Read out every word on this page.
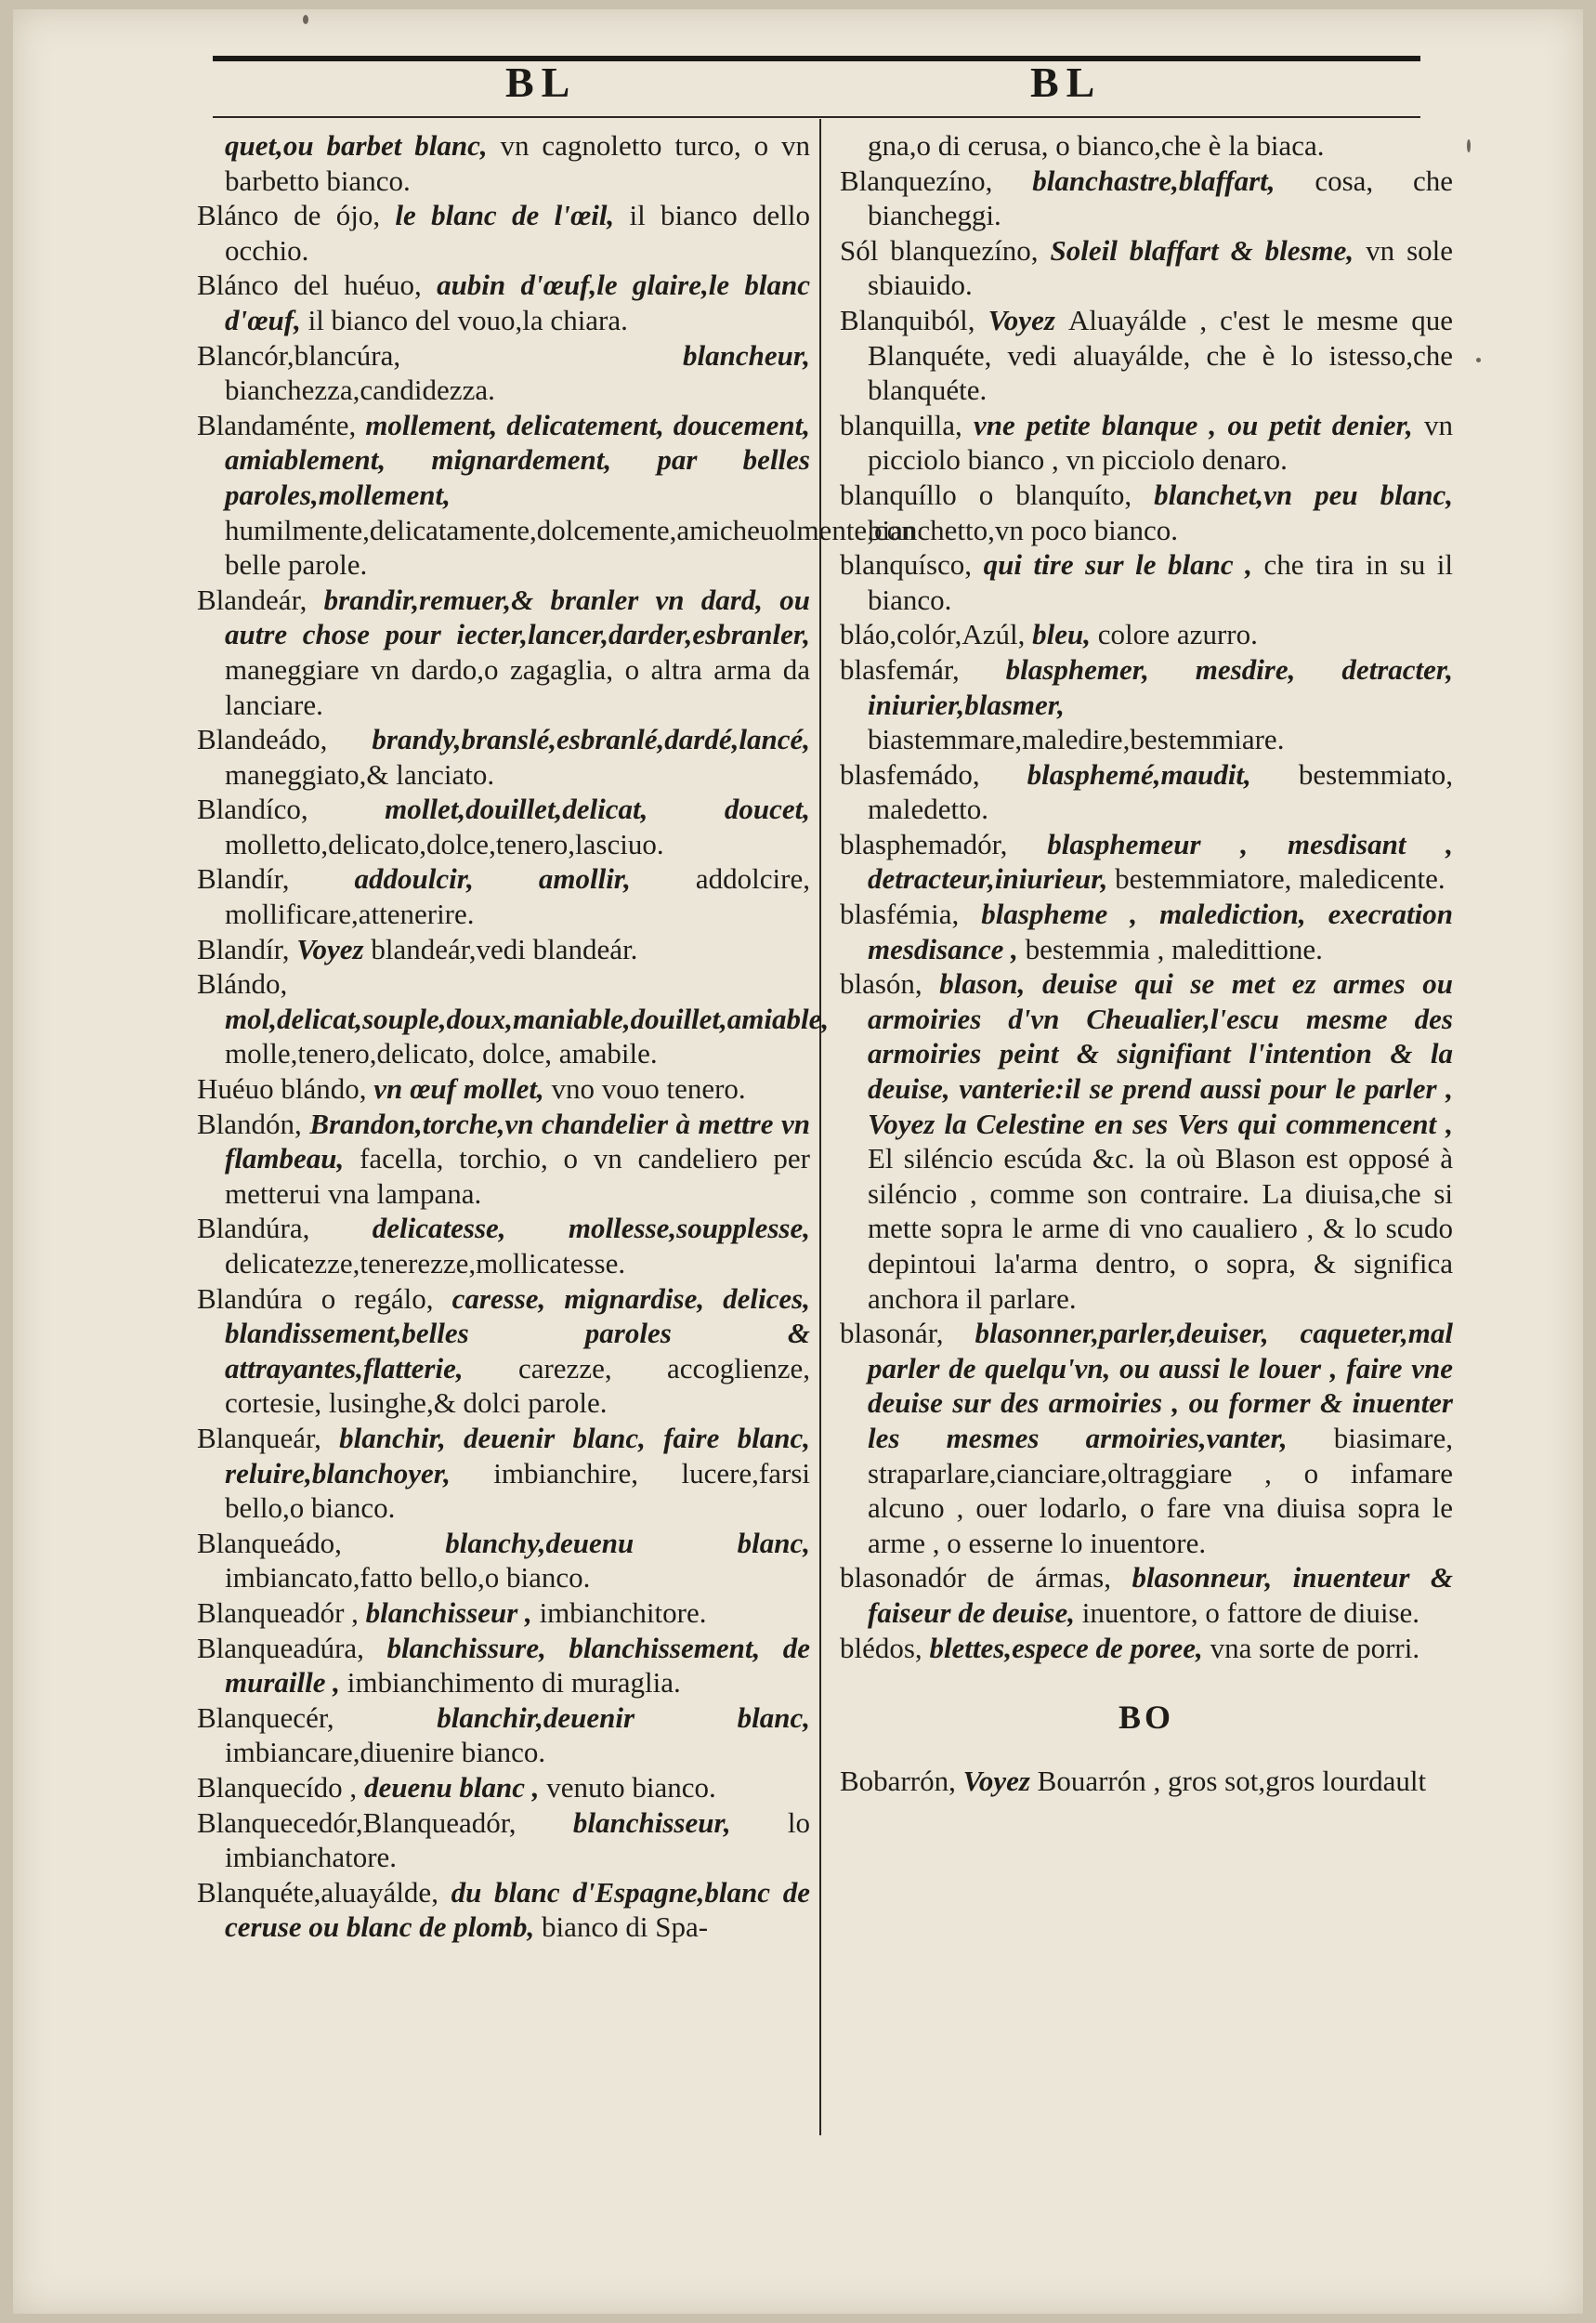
BL	BL

quet,ou barbet blanc, vn cagnoletto turco, o vn barbetto bianco.

Blánco de ójo, le blanc de l'œil, il bianco dello occhio.

Blánco del huéuo, aubin d'œuf,le glaire,le blanc d'œuf, il bianco del vouo,la chiara.

Blancór,blancúra, blancheur, bianchezza,candidezza.

Blandaménte, mollement, delicatement, doucement, amiablement, mignardement, par belles paroles,mollement, humilmente,delicatamente,dolcemente,amicheuolmente,con belle parole.

Blandeár, brandir,remuer,& branler vn dard, ou autre chose pour iecter,lancer,darder,esbranler, maneggiare vn dardo,o zagaglia, o altra arma da lanciare.

Blandeádo, brandy,branslé,esbranlé,dardé,lancé, maneggiato,& lanciato.

Blandíco, mollet,douillet,delicat, doucet, molletto,delicato,dolce,tenero,lasciuo.

Blandír, addoulcir, amollir, addolcire, mollificare,attenerire.

Blandír, Voyez blandeár,vedi blandeár.

Blándo, mol,delicat,souple,doux,maniable,douillet,amiable, molle,tenero,delicato, dolce, amabile.

Huéuo blándo, vn œuf mollet, vno vouo tenero.

Blandón, Brandon,torche,vn chandelier à mettre vn flambeau, facella, torchio, o vn candeliero per metterui vna lampana.

Blandúra, delicatesse, mollesse,soupplesse, delicatezze,tenerezze,mollicatesse.

Blandúra o regálo, caresse, mignardise, delices, blandissement,belles paroles & attrayantes,flatterie, carezze, accoglienze, cortesie, lusinghe,& dolci parole.

Blanqueár, blanchir, deuenir blanc, faire blanc, reluire,blanchoyer, imbianchire, lucere,farsi bello,o bianco.

Blanqueádo, blanchy,deuenu blanc, imbiancato,fatto bello,o bianco.

Blanqueadór , blanchisseur , imbianchitore.

Blanqueadúra, blanchissure, blanchissement, de muraille , imbianchimento di muraglia.

Blanquecér, blanchir,deuenir blanc, imbiancare,diuenire bianco.

Blanquecído , deuenu blanc , venuto bianco.

Blanquecedór,Blanqueadór, blanchisseur, lo imbianchatore.

Blanquéte,aluayálde, du blanc d'Espagne,blanc de ceruse ou blanc de plomb, bianco di Spa-

gna,o di cerusa, o bianco,che è la biaca.

Blanquezíno, blanchastre,blaffart, cosa, che biancheggi.

Sól blanquezíno, Soleil blaffart & blesme, vn sole sbiauido.

Blanquiból, Voyez Aluayálde , c'est le mesme que Blanquéte, vedi aluayálde, che è lo istesso,che blanquéte.

blanquilla, vne petite blanque , ou petit denier, vn picciolo bianco , vn picciolo denaro.

blanquíllo o blanquíto, blanchet,vn peu blanc, bianchetto,vn poco bianco.

blanquísco, qui tire sur le blanc , che tira in su il bianco.

bláo,colór,Azúl, bleu, colore azurro.

blasfemár, blasphemer, mesdire, detracter, iniurier,blasmer, biastemmare,maledire,bestemmiare.

blasfemádo, blasphemé,maudit, bestemmiato, maledetto.

blasphemadór, blasphemeur , mesdisant , detracteur,iniurieur, bestemmiatore, maledicente.

blasfémia, blaspheme , malediction, execration mesdisance , bestemmia , maledittione.

blasón, blason, deuise qui se met ez armes ou armoiries d'vn Cheualier,l'escu mesme des armoiries peint & signifiant l'intention & la deuise, vanterie:il se prend aussi pour le parler , Voyez la Celestine en ses Vers qui commencent , El siléncio escúda &c. la où Blason est opposé à siléncio , comme son contraire. La diuisa,che si mette sopra le arme di vno caualiero , & lo scudo depintoui la'arma dentro, o sopra, & significa anchora il parlare.

blasonár, blasonner,parler,deuiser, caqueter,mal parler de quelqu'vn, ou aussi le louer , faire vne deuise sur des armoiries , ou former & inuenter les mesmes armoiries,vanter, biasimare, straparlare,cianciare,oltraggiare , o infamare alcuno , ouer lodarlo, o fare vna diuisa sopra le arme , o esserne lo inuentore.

blasonadór de ármas, blasonneur, inuenteur & faiseur de deuise, inuentore, o fattore de diuise.

blédos, blettes,espece de poree, vna sorte de porri.

BO

Bobarrón, Voyez Bouarrón , gros sot,gros lourdault
